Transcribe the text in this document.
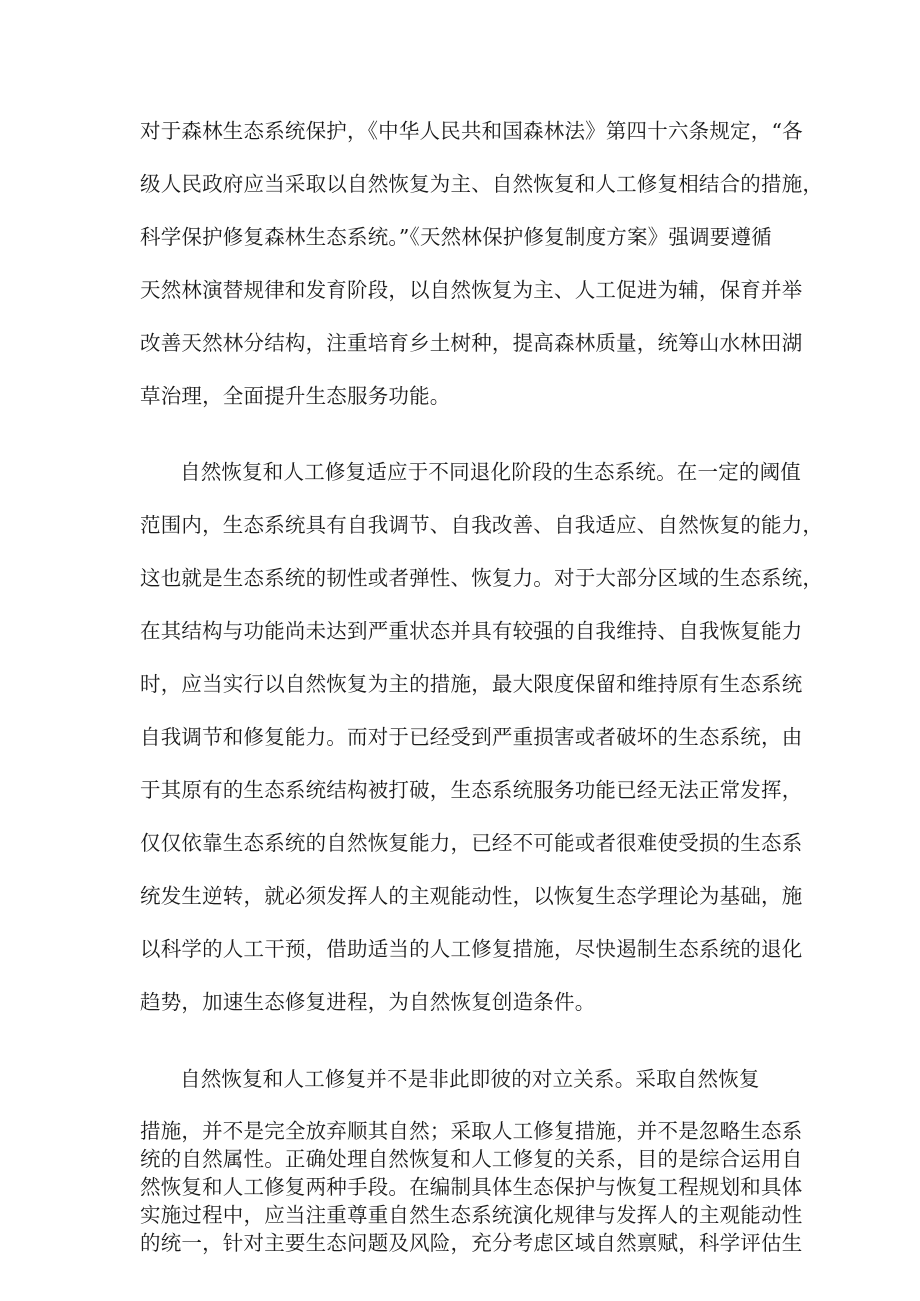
对于森林生态系统保护，《中华人民共和国森林法》第四十六条规定，“各

级人民政府应当采取以自然恢复为主、自然恢复和人工修复相结合的措施，

科学保护修复森林生态系统。”《天然林保护修复制度方案》强调要遵循

天然林演替规律和发育阶段，以自然恢复为主、人工促进为辅，保育并举

改善天然林分结构，注重培育乡土树种，提高森林质量，统筹山水林田湖

草治理，全面提升生态服务功能。

自然恢复和人工修复适应于不同退化阶段的生态系统。在一定的阈值

范围内，生态系统具有自我调节、自我改善、自我适应、自然恢复的能力，

这也就是生态系统的韧性或者弹性、恢复力。对于大部分区域的生态系统，

在其结构与功能尚未达到严重状态并具有较强的自我维持、自我恢复能力

时，应当实行以自然恢复为主的措施，最大限度保留和维持原有生态系统

自我调节和修复能力。而对于已经受到严重损害或者破坏的生态系统，由

于其原有的生态系统结构被打破，生态系统服务功能已经无法正常发挥，

仅仅依靠生态系统的自然恢复能力，已经不可能或者很难使受损的生态系

统发生逆转，就必须发挥人的主观能动性，以恢复生态学理论为基础，施

以科学的人工干预，借助适当的人工修复措施，尽快遏制生态系统的退化

趋势，加速生态修复进程，为自然恢复创造条件。

自然恢复和人工修复并不是非此即彼的对立关系。采取自然恢复

措施，并不是完全放弃顺其自然；采取人工修复措施，并不是忽略生态系

统的自然属性。正确处理自然恢复和人工修复的关系，目的是综合运用自

然恢复和人工修复两种手段。在编制具体生态保护与恢复工程规划和具体

实施过程中，应当注重尊重自然生态系统演化规律与发挥人的主观能动性

的统一，针对主要生态问题及风险，充分考虑区域自然禀赋，科学评估生
